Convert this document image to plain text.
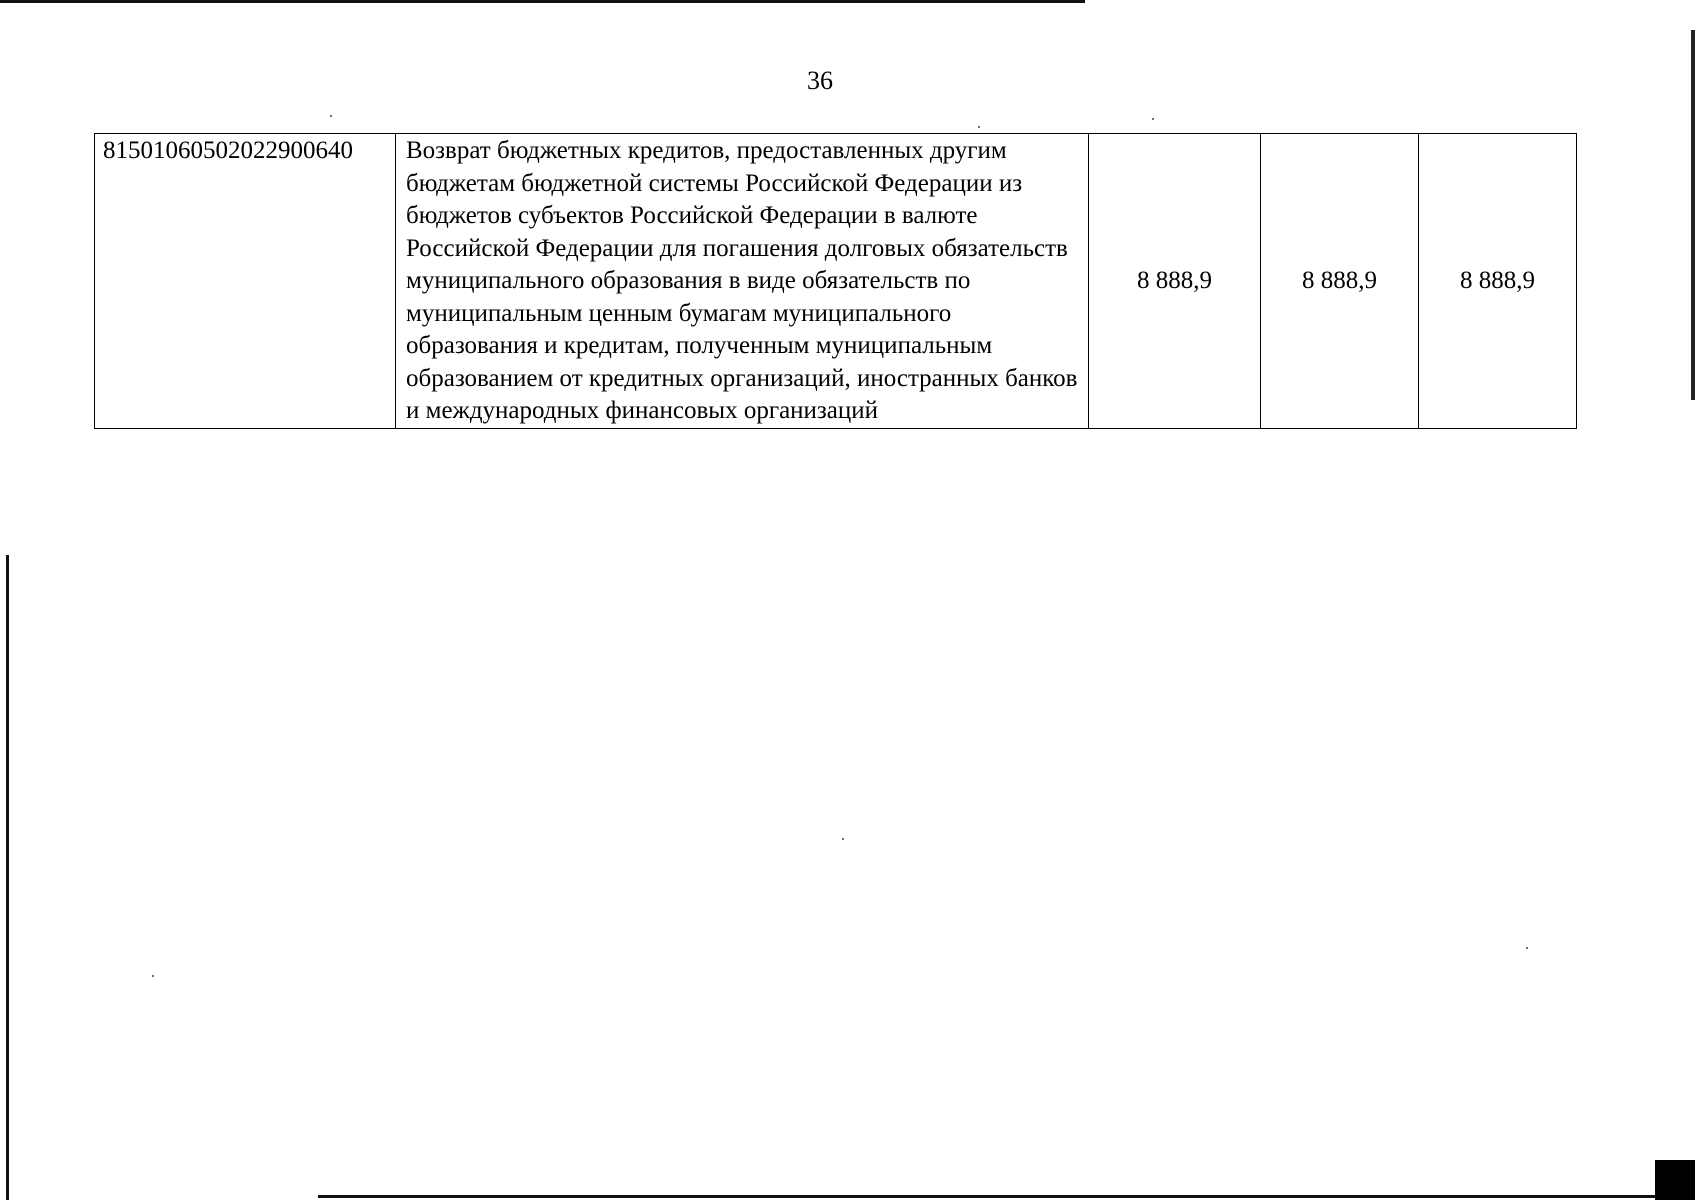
36
81501060502022900640	Возврат бюджетных кредитов, предоставленных другим бюджетам бюджетной системы Российской Федерации из бюджетов субъектов Российской Федерации в валюте Российской Федерации для погашения долговых обязательств муниципального образования в виде обязательств по муниципальным ценным бумагам муниципального образования и кредитам, полученным муниципальным образованием от кредитных организаций, иностранных банков и международных финансовых организаций	8 888,9	8 888,9	8 888,9
